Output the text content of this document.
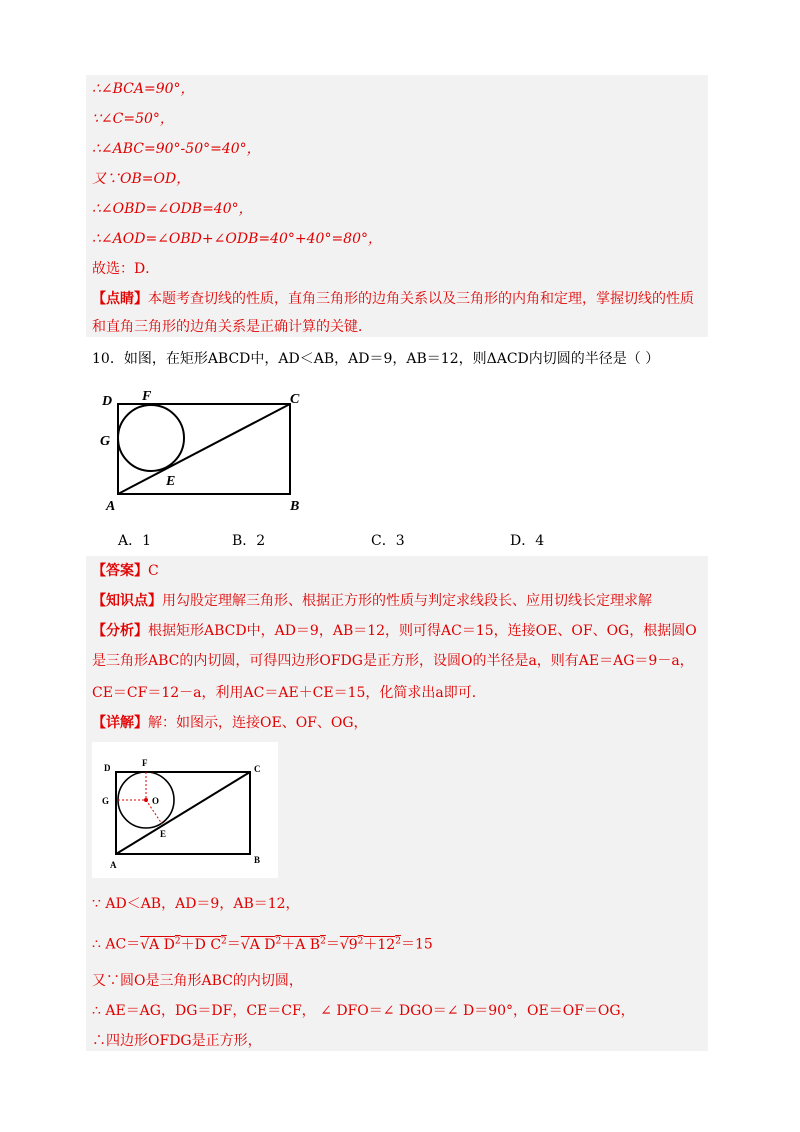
∴∠BCA=90°，
∵∠C=50°，
∴∠ABC=90°-50°=40°，
又∵OB=OD，
∴∠OBD=∠ODB=40°，
∴∠AOD=∠OBD+∠ODB=40°+40°=80°，
故选：D．
【点睛】本题考查切线的性质，直角三角形的边角关系以及三角形的内角和定理，掌握切线的性质
和直角三角形的边角关系是正确计算的关键．
10．如图，在矩形ABCD中，AD＜AB，AD＝9，AB＝12，则ΔACD内切圆的半径是（ ）
D F	C
G
E
A	B
A．1	B．2	C．3	D．4
【答案】C
【知识点】用勾股定理解三角形、根据正方形的性质与判定求线段长、应用切线长定理求解
【分析】根据矩形ABCD中，AD＝9，AB＝12，则可得AC＝15，连接OE、OF、OG，根据圆O
是三角形ABC的内切圆，可得四边形OFDG是正方形，设圆O的半径是a，则有AE＝AG＝9－a，
CE＝CF＝12－a，利用AC＝AE＋CE＝15，化简求出a即可．
【详解】解：如图示，连接OE、OF、OG，
D	F
C
G	O
E
A	B
∵ AD＜AB，AD＝9，AB＝12，
∴ AC＝√A $D^2+D$ $C^2=√A$ $D^2+A$ $B^2=√9^2+12^2=15$
又∵圆O是三角形ABC的内切圆，
∴ AE＝AG，DG＝DF，CE＝CF， ∠ DFO＝∠ DGO＝∠ D＝90°，OE＝OF＝OG，
∴四边形OFDG是正方形，
